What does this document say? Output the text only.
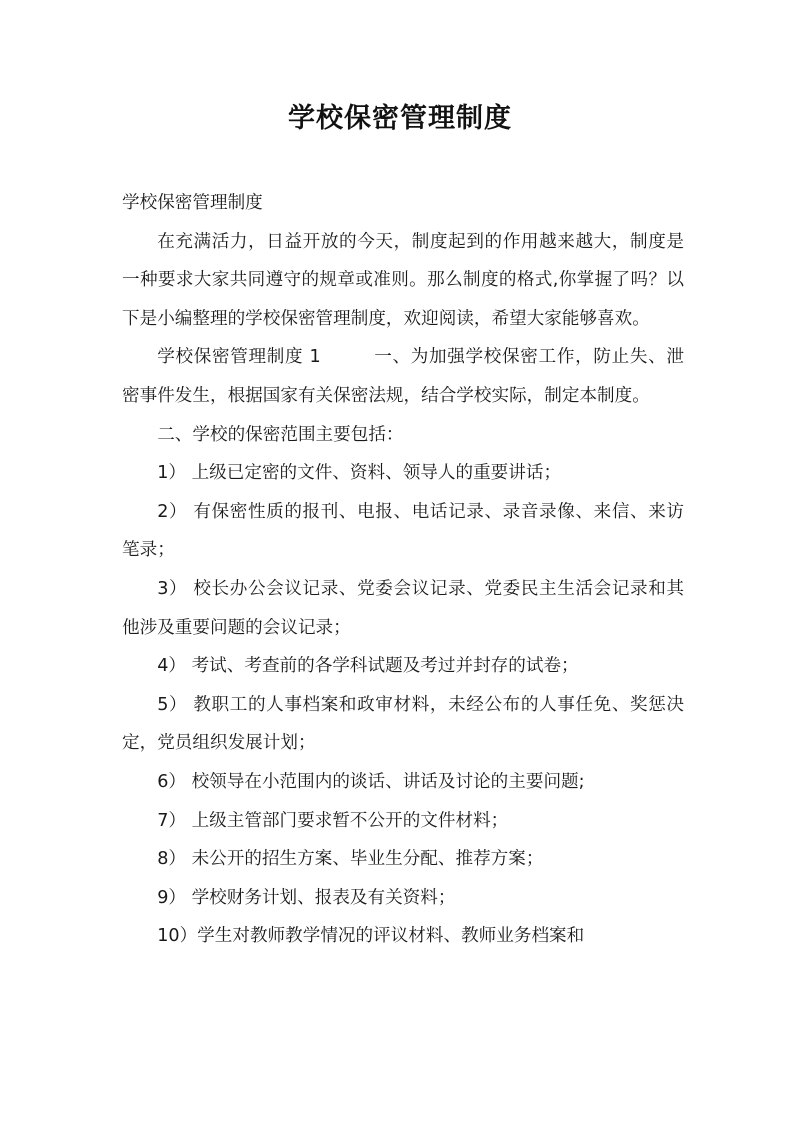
学校保密管理制度

学校保密管理制度

在充满活力，日益开放的今天，制度起到的作用越来越大，制度是一种要求大家共同遵守的规章或准则。那么制度的格式,你掌握了吗？以下是小编整理的学校保密管理制度，欢迎阅读，希望大家能够喜欢。

学校保密管理制度 1	一、为加强学校保密工作，防止失、泄密事件发生，根据国家有关保密法规，结合学校实际，制定本制度。

二、学校的保密范围主要包括：

1） 上级已定密的文件、资料、领导人的重要讲话；

2） 有保密性质的报刊、电报、电话记录、录音录像、来信、来访笔录；

3） 校长办公会议记录、党委会议记录、党委民主生活会记录和其他涉及重要问题的会议记录；

4） 考试、考查前的各学科试题及考过并封存的试卷；

5） 教职工的人事档案和政审材料，未经公布的人事任免、奖惩决定，党员组织发展计划；

6） 校领导在小范围内的谈话、讲话及讨论的主要问题;

7） 上级主管部门要求暂不公开的文件材料；

8） 未公开的招生方案、毕业生分配、推荐方案；

9） 学校财务计划、报表及有关资料；

10）学生对教师教学情况的评议材料、教师业务档案和
